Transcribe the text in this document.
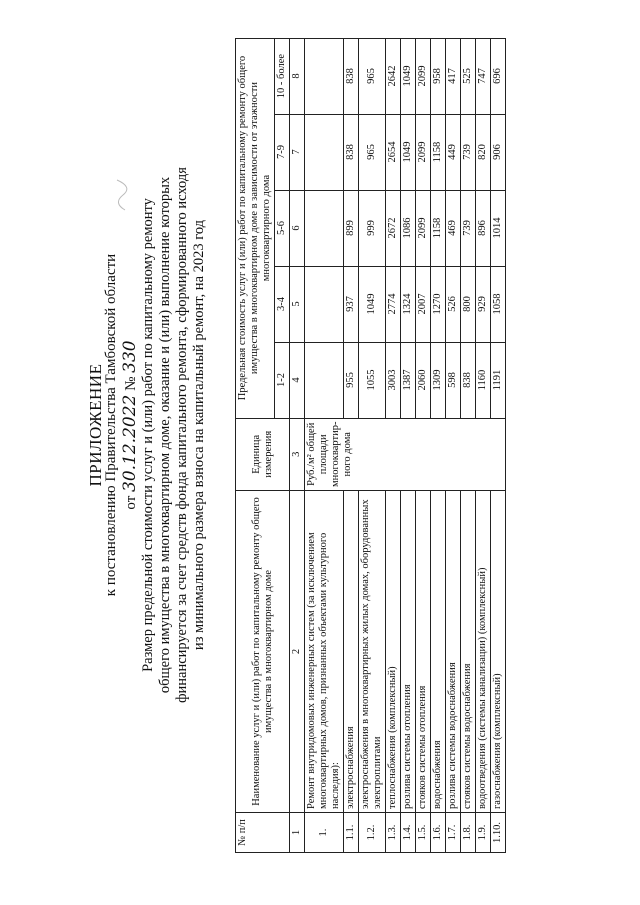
ПРИЛОЖЕНИЕ
к постановлению Правительства Тамбовской области от 30.12.2022 № 330 Размер предельной стоимости услуг и (или) работ по капитальному ремонту общего имущества в многоквартирном доме, оказание и (или) выполнение которых финансируется за счет средств фонда капитального ремонта, сформированного исходя из минимального размера взноса на капитальный ремонт, на 2023 год
№ п/п	Наименование услуг и (или) работ по капитальному ремонту общего имущества в многоквартирном доме	Единица измерения	Предельная стоимость услуг и (или) работ по капитальному ремонту общего имущества в многоквартирном доме в зависимости от этажности многоквартирного дома				
			1-2	3-4	5-6	7-9	10 - более
1	2	3	4	5	6	7	8
1.	Ремонт внутридомовых инженерных систем (за исключением многоквартирных домов, признанных объектами культурного наследия):	Руб./м² общей площади многоквартир-ного дома					
1.1.	электроснабжения		955	937	899	838	838
1.2.	электроснабжения в многоквартирных жилых домах, оборудованных электроплитами		1055	1049	999	965	965
1.3.	теплоснабжения (комплексный)		3003	2774	2672	2654	2642
1.4.	розлива системы отопления		1387	1324	1086	1049	1049
1.5.	стояков системы отопления		2060	2007	2099	2099	2099
1.6.	водоснабжения		1309	1270	1158	1158	958
1.7.	розлива системы водоснабжения		598	526	469	449	417
1.8.	стояков системы водоснабжения		838	800	739	739	525
1.9.	водоотведения (системы канализации) (комплексный)		1160	929	896	820	747
1.10.	газоснабжения (комплексный)		1191	1058	1014	906	696
